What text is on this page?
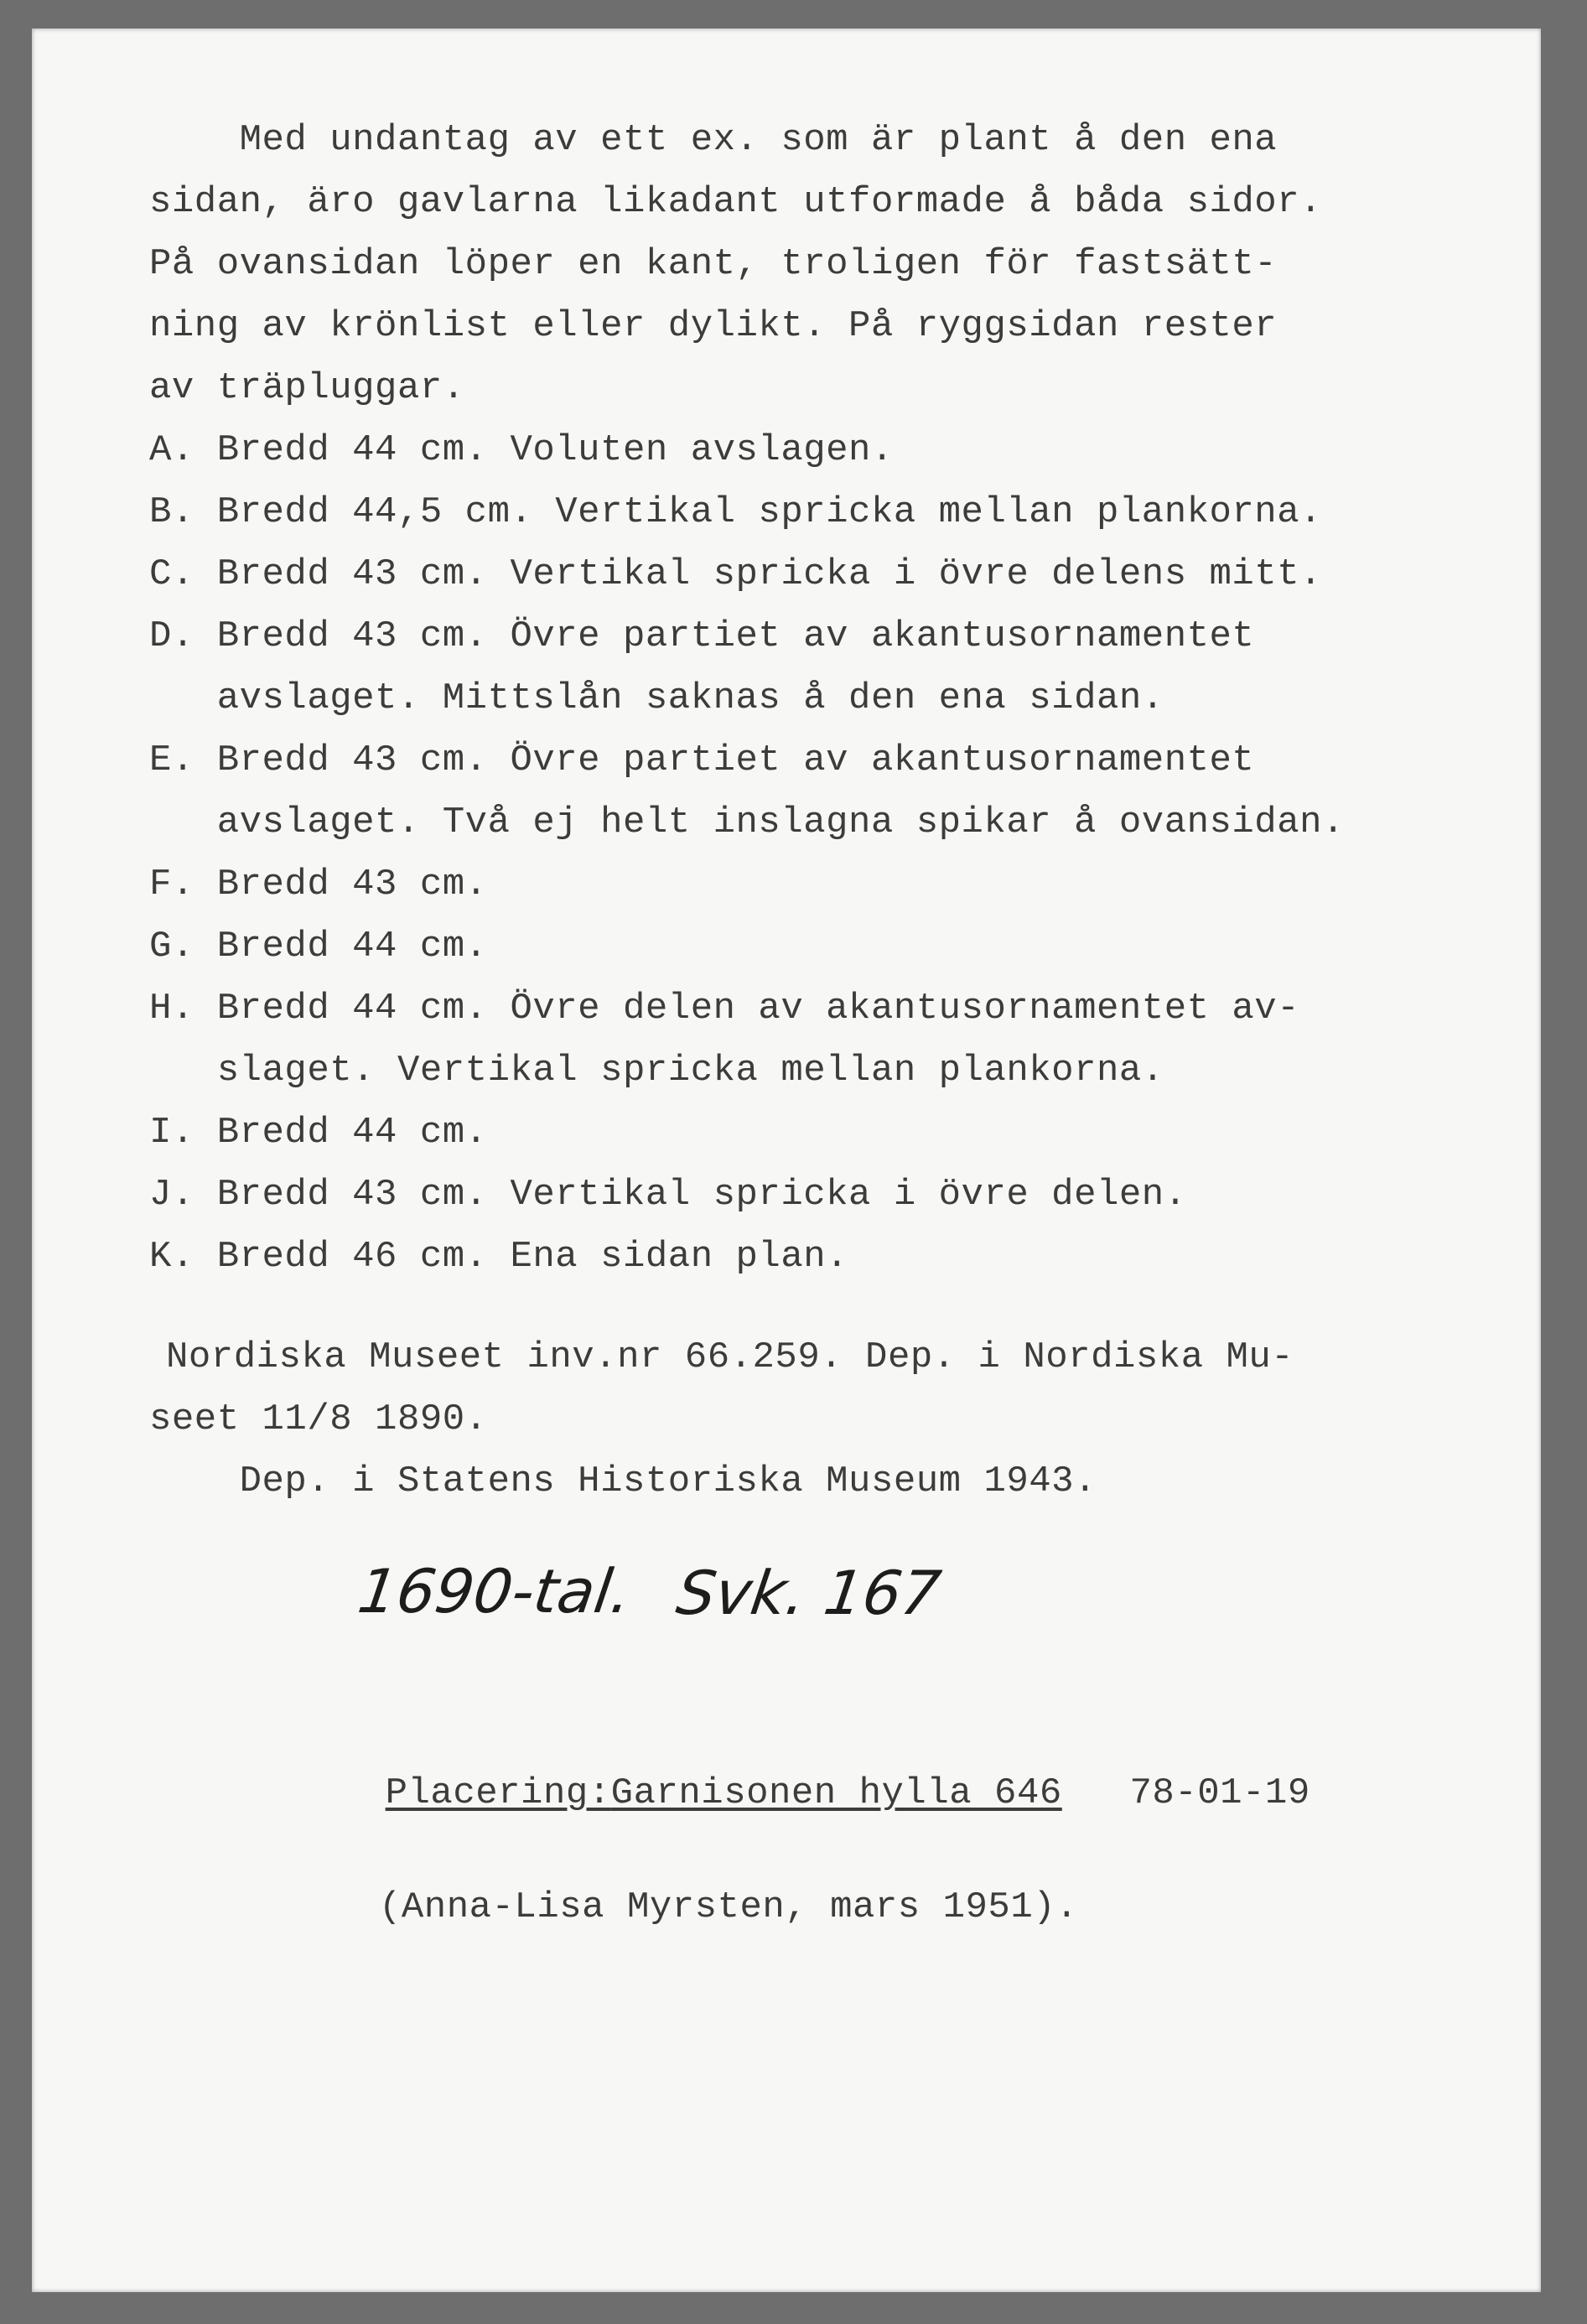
Med undantag av ett ex. som är plant å den ena
sidan, äro gavlarna likadant utformade å båda sidor.
På ovansidan löper en kant, troligen för fastsätt-
ning av krönlist eller dylikt. På ryggsidan rester
av träpluggar.
A. Bredd 44 cm. Voluten avslagen.
B. Bredd 44,5 cm. Vertikal spricka mellan plankorna.
C. Bredd 43 cm. Vertikal spricka i övre delens mitt.
D. Bredd 43 cm. Övre partiet av akantusornamentet
avslaget. Mittslån saknas å den ena sidan.
E. Bredd 43 cm. Övre partiet av akantusornamentet
avslaget. Två ej helt inslagna spikar å ovansidan.
F. Bredd 43 cm.
G. Bredd 44 cm.
H. Bredd 44 cm. Övre delen av akantusornamentet av-
slaget. Vertikal spricka mellan plankorna.
I. Bredd 44 cm.
J. Bredd 43 cm. Vertikal spricka i övre delen.
K. Bredd 46 cm. Ena sidan plan.
Nordiska Museet inv.nr 66.259. Dep. i Nordiska Mu-
seet 11/8 1890.
Dep. i Statens Historiska Museum 1943.
1690-tal. Svk. 167

Placering:Garnisonen hylla 646 78-01-19

(Anna-Lisa Myrsten, mars 1951).
